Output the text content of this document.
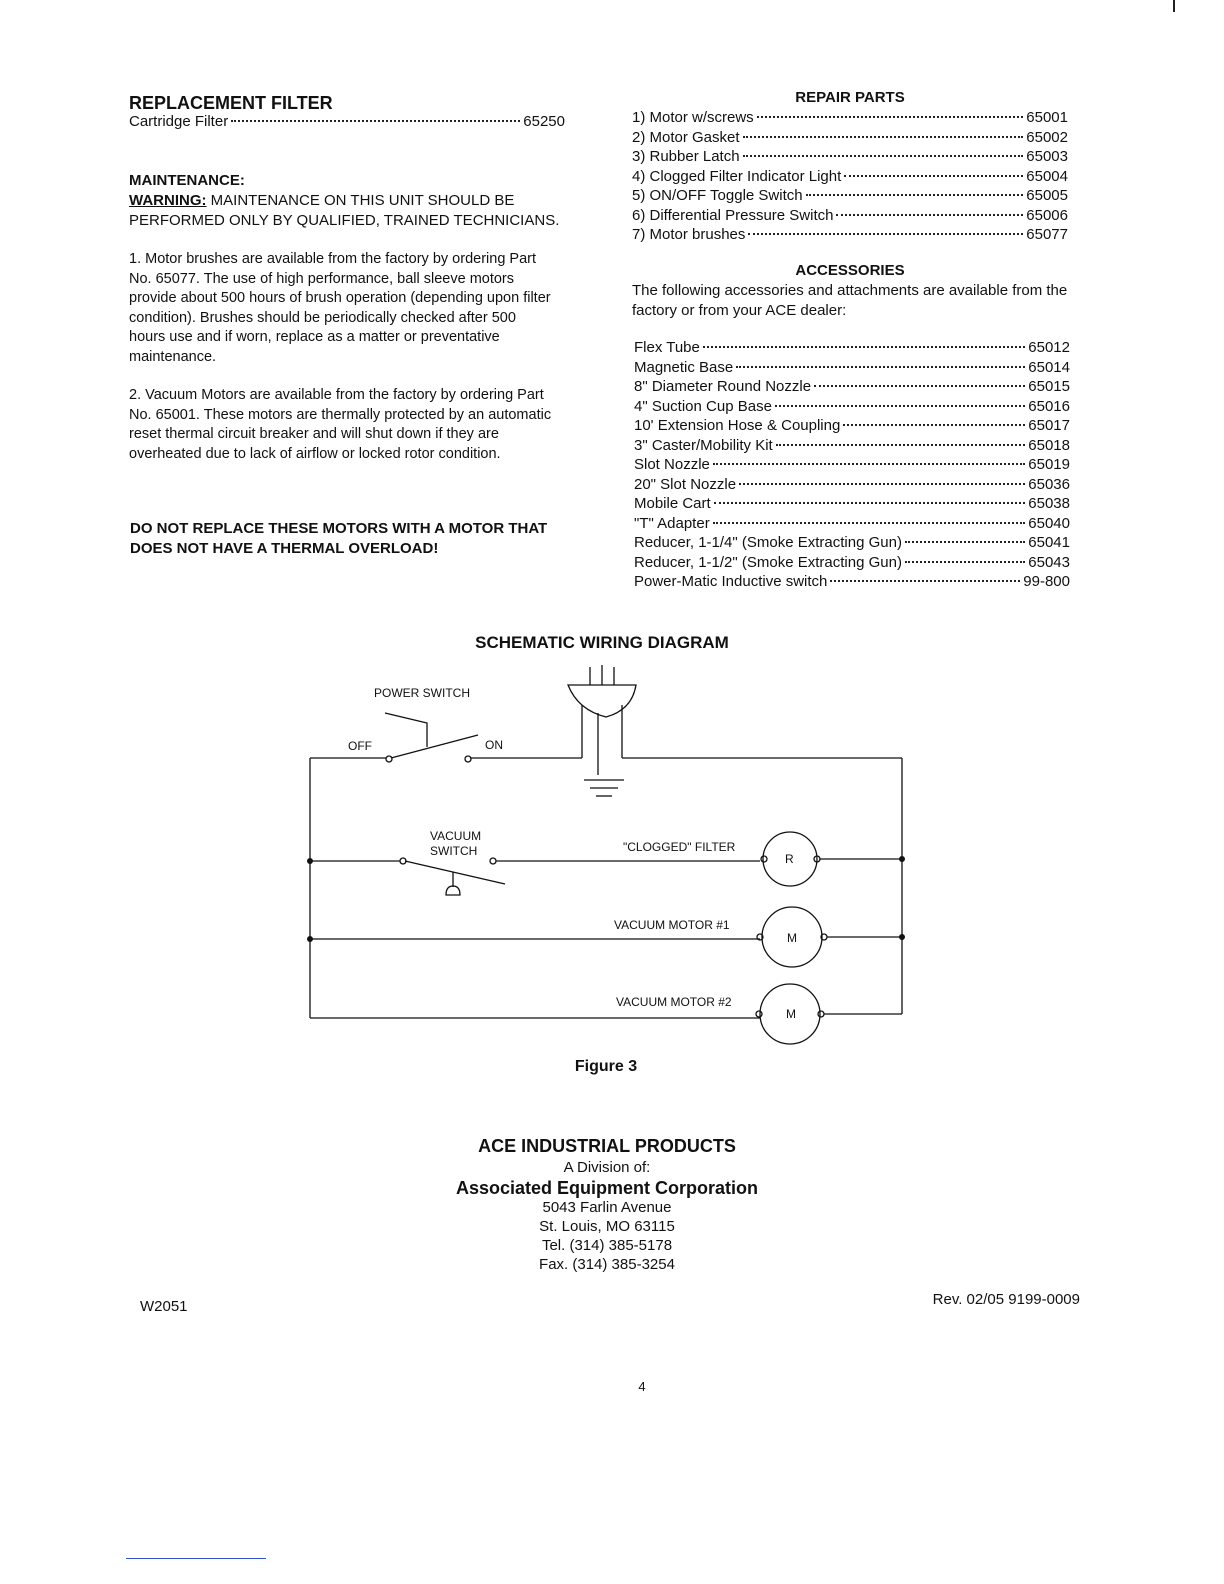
REPLACEMENT FILTER
Cartridge Filter	65250
MAINTENANCE:
WARNING: MAINTENANCE ON THIS UNIT SHOULD BE PERFORMED ONLY BY QUALIFIED, TRAINED TECHNICIANS.
1. Motor brushes are available from the factory by ordering Part No. 65077. The use of high performance, ball sleeve motors provide about 500 hours of brush operation (depending upon filter condition). Brushes should be periodically checked after 500 hours use and if worn, replace as a matter or preventative maintenance.
2. Vacuum Motors are available from the factory by ordering Part No. 65001. These motors are thermally protected by an automatic reset thermal circuit breaker and will shut down if they are overheated due to lack of airflow or locked rotor condition.
DO NOT REPLACE THESE MOTORS WITH A MOTOR THAT DOES NOT HAVE A THERMAL OVERLOAD!
REPAIR PARTS
1) Motor w/screws	65001
2) Motor Gasket	65002
3) Rubber Latch	65003
4) Clogged Filter Indicator Light	65004
5) ON/OFF Toggle Switch	65005
6) Differential Pressure Switch	65006
7) Motor brushes	65077
ACCESSORIES
The following accessories and attachments are available from the factory or from your ACE dealer:
Flex Tube	65012
Magnetic Base	65014
8" Diameter Round Nozzle	65015
4" Suction Cup Base	65016
10' Extension Hose & Coupling	65017
3" Caster/Mobility Kit	65018
Slot Nozzle	65019
20" Slot Nozzle	65036
Mobile Cart	65038
"T" Adapter	65040
Reducer, 1-1/4" (Smoke Extracting Gun)	65041
Reducer, 1-1/2" (Smoke Extracting Gun)	65043
Power-Matic Inductive switch	99-800
SCHEMATIC WIRING DIAGRAM
POWER SWITCH
OFF	ON
VACUUM
SWITCH	"CLOGGED" FILTER
R
VACUUM MOTOR #1
M
VACUUM MOTOR #2
M
Figure 3
ACE INDUSTRIAL PRODUCTS
A Division of:
Associated Equipment Corporation
5043 Farlin Avenue
St. Louis, MO 63115
Tel. (314) 385-5178
Fax. (314) 385-3254
W2051	Rev. 02/05 9199-0009
4
